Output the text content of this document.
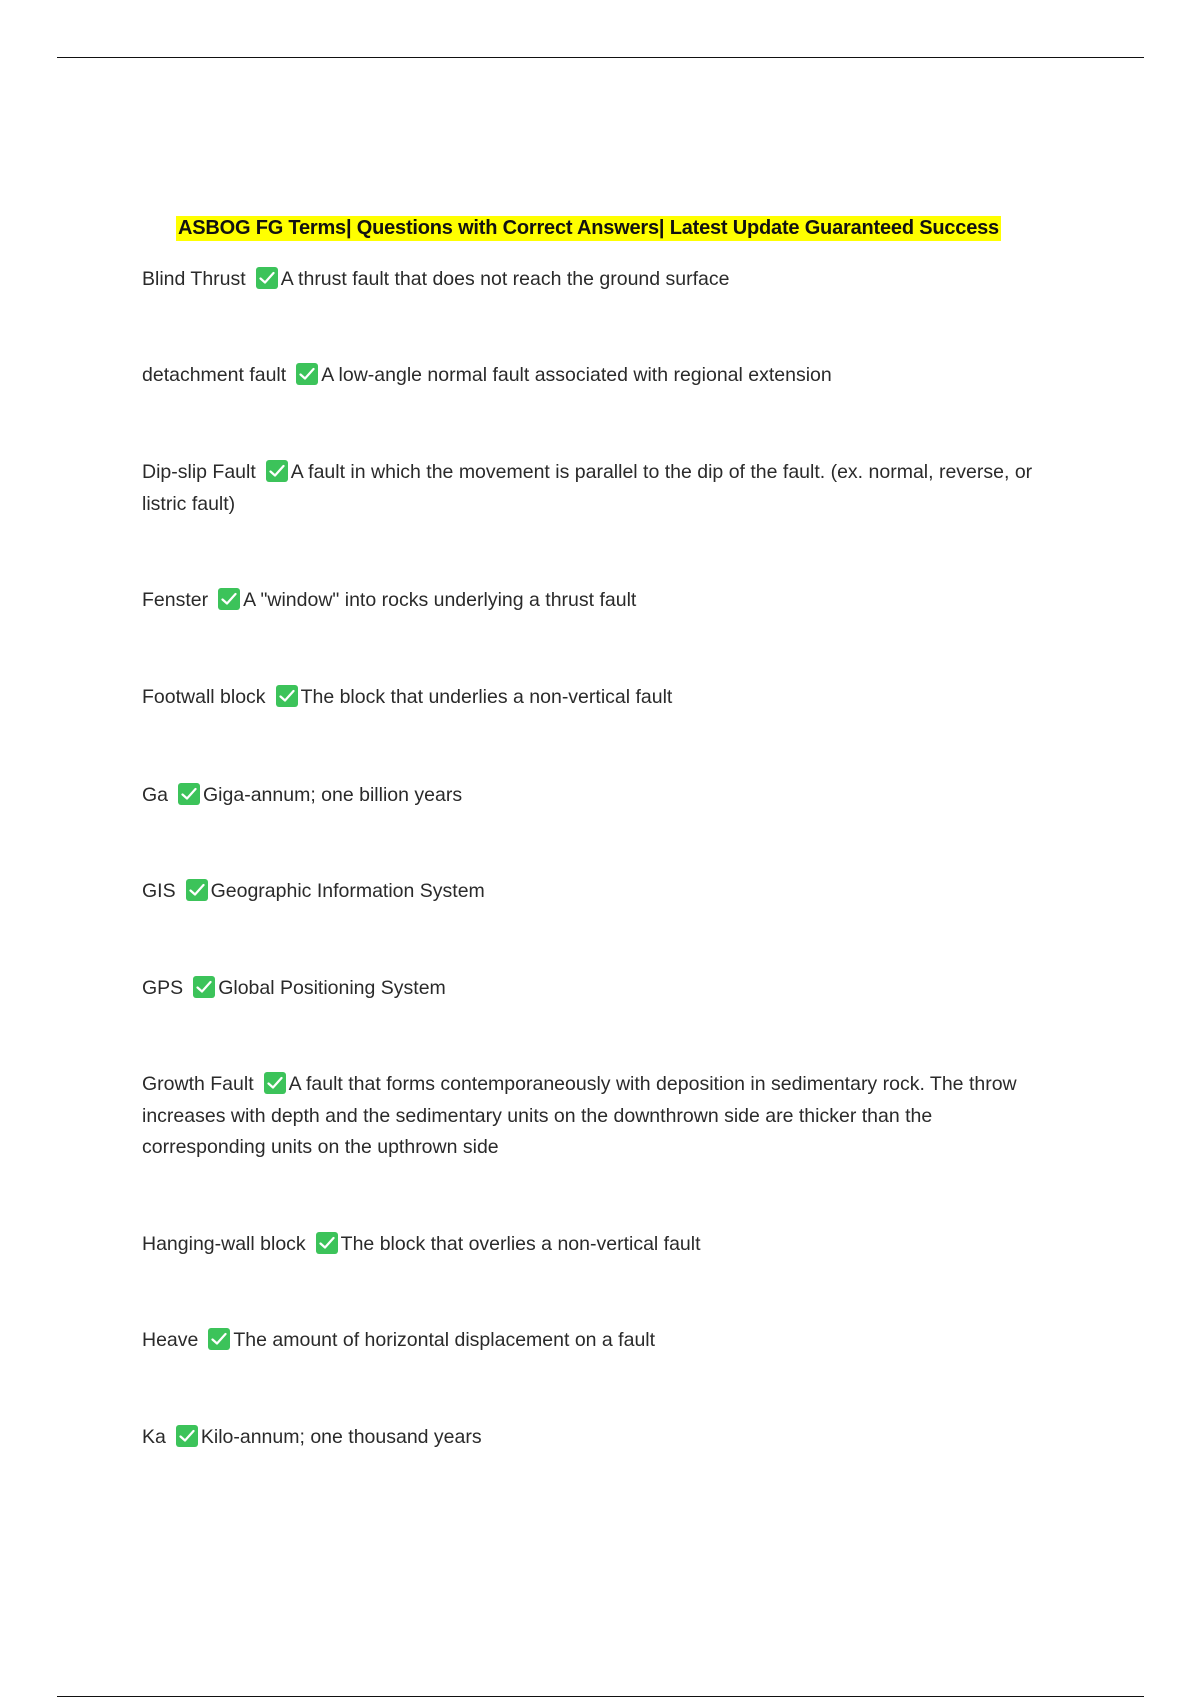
ASBOG FG Terms| Questions with Correct Answers| Latest Update Guaranteed Success
Blind Thrust A thrust fault that does not reach the ground surface
detachment fault A low-angle normal fault associated with regional extension
Dip-slip Fault A fault in which the movement is parallel to the dip of the fault. (ex. normal, reverse, or listric fault)
Fenster A "window" into rocks underlying a thrust fault
Footwall block The block that underlies a non-vertical fault
Ga Giga-annum; one billion years
GIS Geographic Information System
GPS Global Positioning System
Growth Fault A fault that forms contemporaneously with deposition in sedimentary rock. The throw increases with depth and the sedimentary units on the downthrown side are thicker than the corresponding units on the upthrown side
Hanging-wall block The block that overlies a non-vertical fault
Heave The amount of horizontal displacement on a fault
Ka Kilo-annum; one thousand years
